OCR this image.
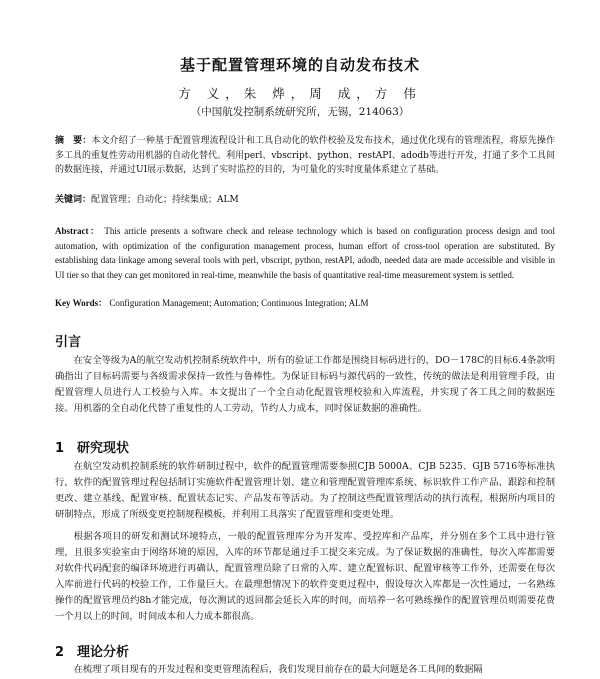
基于配置管理环境的自动发布技术
方 义，朱 烨，周 成，方 伟
（中国航发控制系统研究所，无锡，214063）
摘　要：本文介绍了一种基于配置管理流程设计和工具自动化的软件校验及发布技术，通过优化现有的管理流程，将原先操作多工具的重复性劳动用机器的自动化替代。利用perl、vbscript、python、restAPI、adodb等进行开发，打通了多个工具间的数据连接，并通过UI展示数据，达到了实时监控的目的，为可量化的实时度量体系建立了基础。
关键词：配置管理；自动化；持续集成；ALM
Abstract： This article presents a software check and release technology which is based on configuration process design and tool automation, with optimization of the configuration management process, human effort of cross-tool operation are substituted. By establishing data linkage among several tools with perl, vbscript, python, restAPI, adodb, needed data are made accessible and visible in UI tier so that they can get monitored in real-time, meanwhile the basis of quantitative real-time measurement system is settled.
Key Words： Configuration Management; Automation; Continuous Integration; ALM
引言
在安全等级为A的航空发动机控制系统软件中，所有的验证工作都是围绕目标码进行的，DO－178C的目标6.4条款明确指出了目标码需要与各级需求保持一致性与鲁棒性。为保证目标码与源代码的一致性，传统的做法是利用管理手段，由配置管理人员进行人工校验与入库。本文提出了一个全自动化配置管理校验和入库流程，并实现了各工具之间的数据连接。用机器的全自动化代替了重复性的人工劳动，节约人力成本，同时保证数据的准确性。
1　研究现状
在航空发动机控制系统的软件研制过程中，软件的配置管理需要参照CJB 5000A、CJB 5235、GJB 5716等标准执行，软件的配置管理过程包括制订实施软件配置管理计划、建立和管理配置管理库系统、标识软件工作产品、跟踪和控制更改、建立基线、配置审核、配置状态记实、产品发布等活动。为了控制这些配置管理活动的执行流程，根据所内项目的研制特点，形成了所级变更控制规程模板，并利用工具落实了配置管理和变更处理。
根据各项目的研发和测试环境特点，一般的配置管理库分为开发库、受控库和产品库，并分别在多个工具中进行管理，且很多实验室由于网络环境的原因，入库的环节都是通过手工提交来完成。为了保证数据的准确性，每次入库都需要对软件代码配套的编译环境进行再确认，配置管理员除了日常的入库、建立配置标识、配置审核等工作外，还需要在每次入库前进行代码的校验工作，工作量巨大。在最理想情况下的软件变更过程中，假设每次入库都是一次性通过，一名熟练操作的配置管理员约8h才能完成，每次测试的返回都会延长入库的时间，而培养一名可熟练操作的配置管理员则需要花费一个月以上的时间，时间成本和人力成本都很高。
2　理论分析
在梳理了项目现有的开发过程和变更管理流程后，我们发现目前存在的最大问题是各工具间的数据隔
